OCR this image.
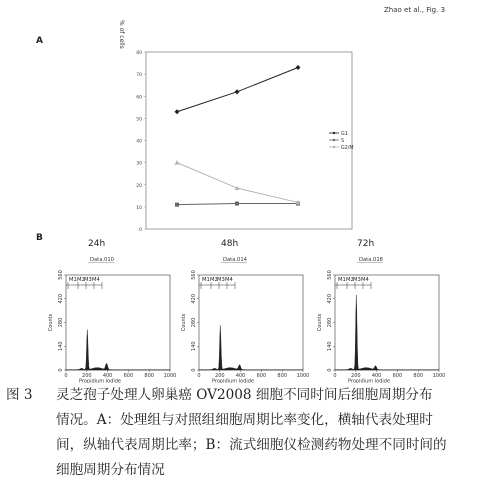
Zhao et al., Fig. 3
A	% of cells
0
10
20
30
40
50
60
70
80
G1
S
G2/M
B
24h
Data.010
M1 M2 M3 M4
0
140
280
420
560
Counts
0	200 400 600 800 1000
Propidium Iodide
48h
Data.014
M1 M2 M3 M4
0
140
280
420
560
Counts
0	200 400 600 800 1000
Propidium Iodide
72h
Data.018
M1 M2 M3 M4
0
140
280
420
560
Counts
0	200 400 600 800 1000
Propidium Iodide
图 3 灵芝孢子处理人卵巢癌 OV2008 细胞不同时间后细胞周期分布
情况。A：处理组与对照组细胞周期比率变化，横轴代表处理时
间，纵轴代表周期比率；B：流式细胞仪检测药物处理不同时间的
细胞周期分布情况
